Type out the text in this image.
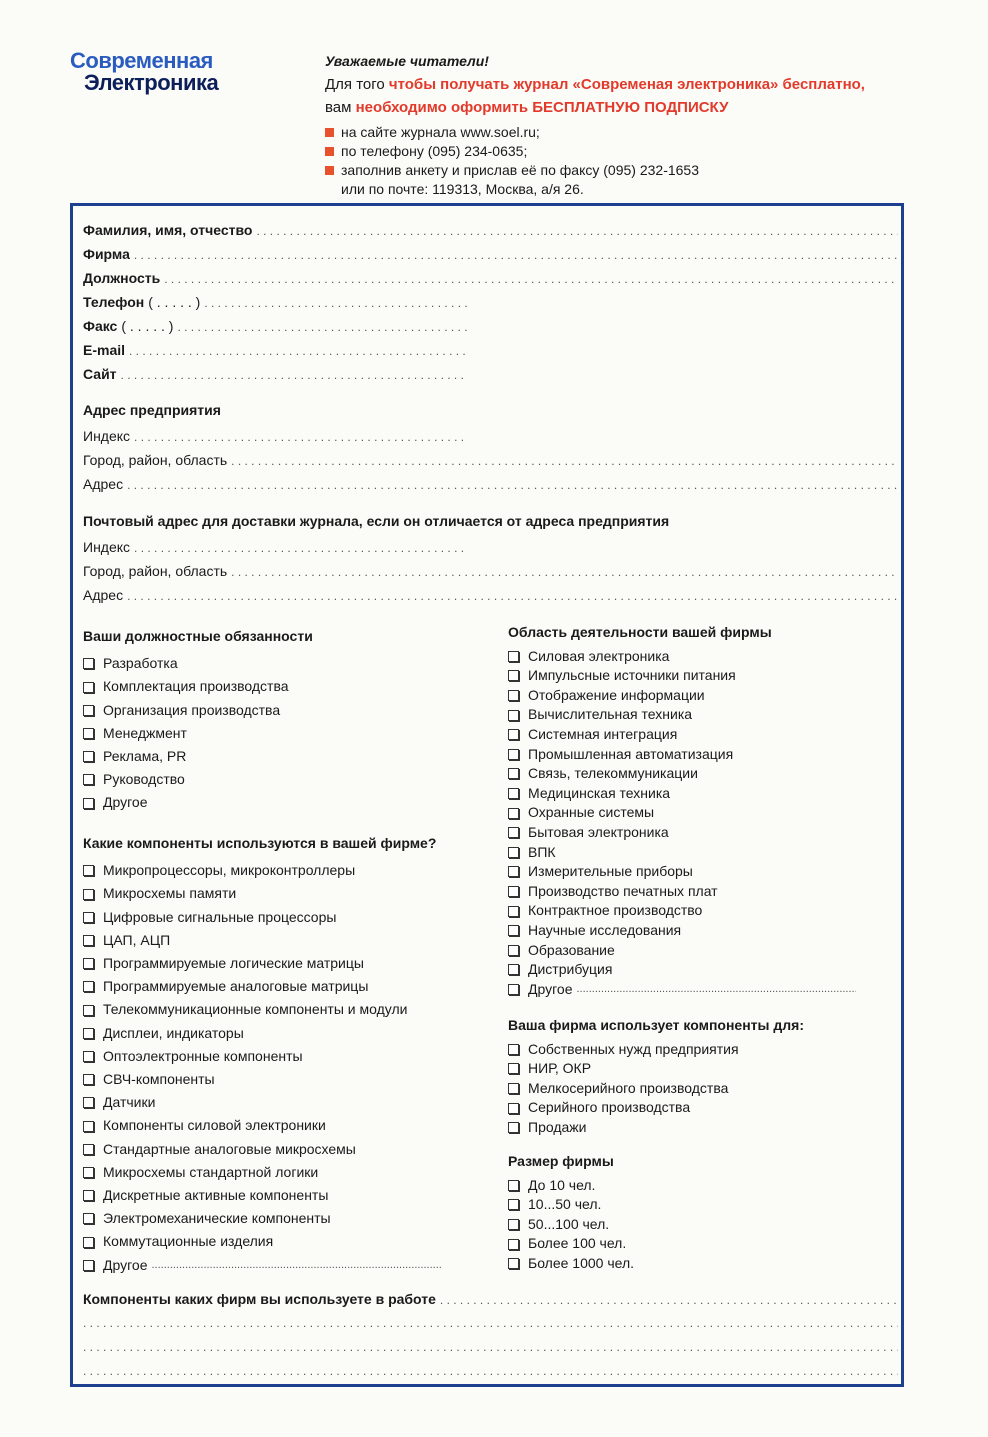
Современная
Электроника
Уважаемые читатели!
Для того чтобы получать журнал «Современая электроника» бесплатно,
вам необходимо оформить БЕСПЛАТНУЮ ПОДПИСКУ
на сайте журнала www.soel.ru;
по телефону (095) 234-0635;
заполнив анкету и прислав её по факсу (095) 232-1653
или по почте: 119313, Москва, а/я 26.
Фамилия, имя, отчество
. . .
Фирма
. . .
Должность
. . .
Телефон ( . . . . . )
. . .
Факс ( . . . . . )
. . .
E-mail
. . .
Сайт
. . .
Адрес предприятия
Индекс
. . .
Город, район, область
. . .
Адрес
. . .
Почтовый адрес для доставки журнала, если он отличается от адреса предприятия
Индекс
. . .
Город, район, область
. . .
Адрес
. . .
Ваши должностные обязанности
Разработка
Комплектация производства
Организация производства
Менеджмент
Реклама, PR
Руководство
Другое
Какие компоненты используются в вашей фирме?
Микропроцессоры, микроконтроллеры
Микросхемы памяти
Цифровые сигнальные процессоры
ЦАП, АЦП
Программируемые логические матрицы
Программируемые аналоговые матрицы
Телекоммуникационные компоненты и модули
Дисплеи, индикаторы
Оптоэлектронные компоненты
СВЧ-компоненты
Датчики
Компоненты силовой электроники
Стандартные аналоговые микросхемы
Микросхемы стандартной логики
Дискретные активные компоненты
Электромеханические компоненты
Коммутационные изделия
Другое
.....
Область деятельности вашей фирмы
Силовая электроника
Импульсные источники питания
Отображение информации
Вычислительная техника
Системная интеграция
Промышленная автоматизация
Связь, телекоммуникации
Медицинская техника
Охранные системы
Бытовая электроника
ВПК
Измерительные приборы
Производство печатных плат
Контрактное производство
Научные исследования
Образование
Дистрибуция
Другое
.....
Ваша фирма использует компоненты для:
Собственных нужд предприятия
НИР, ОКР
Мелкосерийного производства
Серийного производства
Продажи
Размер фирмы
До 10 чел.
10...50 чел.
50...100 чел.
Более 100 чел.
Более 1000 чел.
Компоненты каких фирм вы используете в работе
. . .
. . .
. . .
. . .
